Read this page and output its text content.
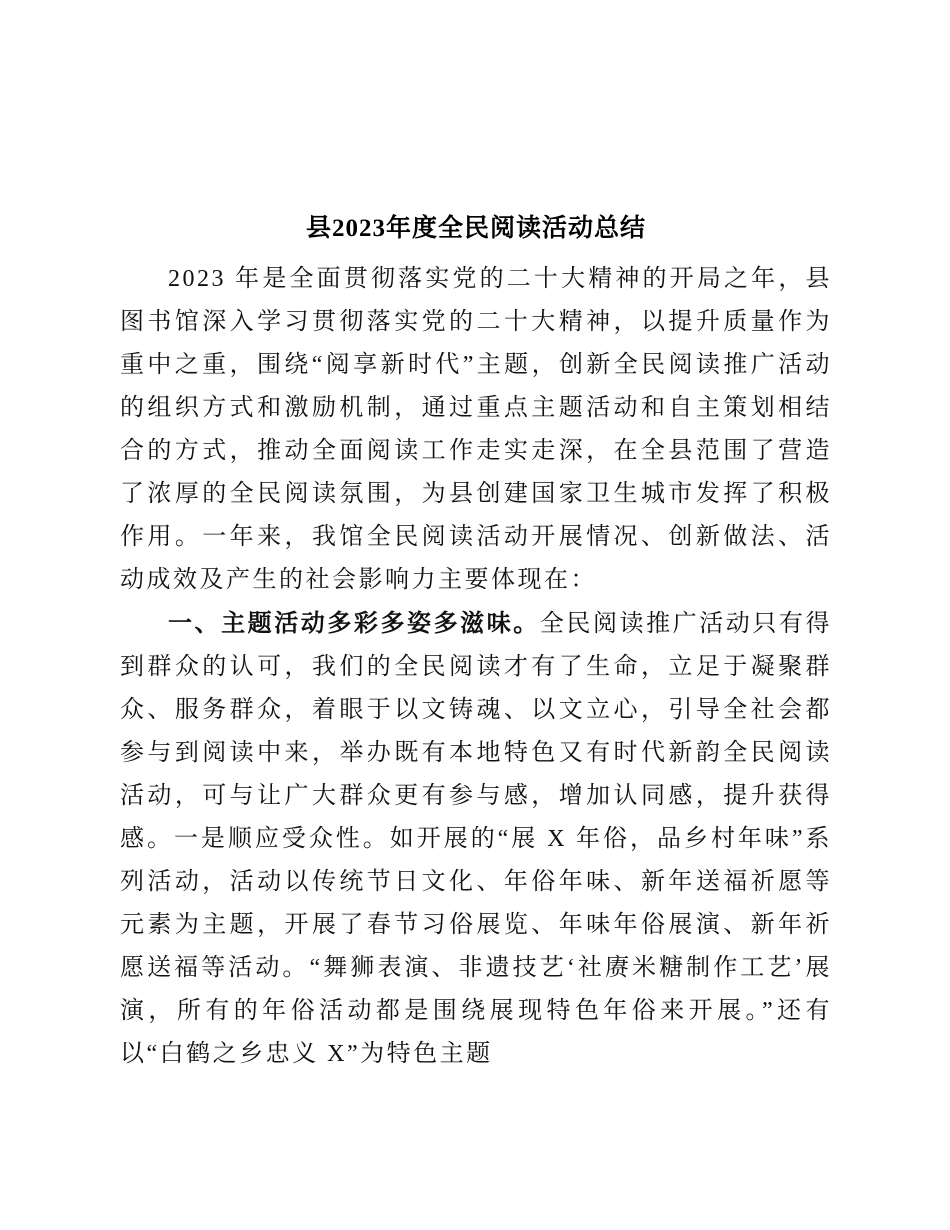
县2023年度全民阅读活动总结

2023 年是全面贯彻落实党的二十大精神的开局之年，县图书馆深入学习贯彻落实党的二十大精神，以提升质量作为重中之重，围绕“阅享新时代”主题，创新全民阅读推广活动的组织方式和激励机制，通过重点主题活动和自主策划相结合的方式，推动全面阅读工作走实走深，在全县范围了营造了浓厚的全民阅读氛围，为县创建国家卫生城市发挥了积极作用。一年来，我馆全民阅读活动开展情况、创新做法、活动成效及产生的社会影响力主要体现在：

一、主题活动多彩多姿多滋味。全民阅读推广活动只有得到群众的认可，我们的全民阅读才有了生命，立足于凝聚群众、服务群众，着眼于以文铸魂、以文立心，引导全社会都参与到阅读中来，举办既有本地特色又有时代新韵全民阅读活动，可与让广大群众更有参与感，增加认同感，提升获得感。一是顺应受众性。如开展的“展 X 年俗，品乡村年味”系列活动，活动以传统节日文化、年俗年味、新年送福祈愿等元素为主题，开展了春节习俗展览、年味年俗展演、新年祈愿送福等活动。“舞狮表演、非遗技艺‘社赓米糖制作工艺’展演，所有的年俗活动都是围绕展现特色年俗来开展。”还有以“白鹤之乡忠义 X”为特色主题
